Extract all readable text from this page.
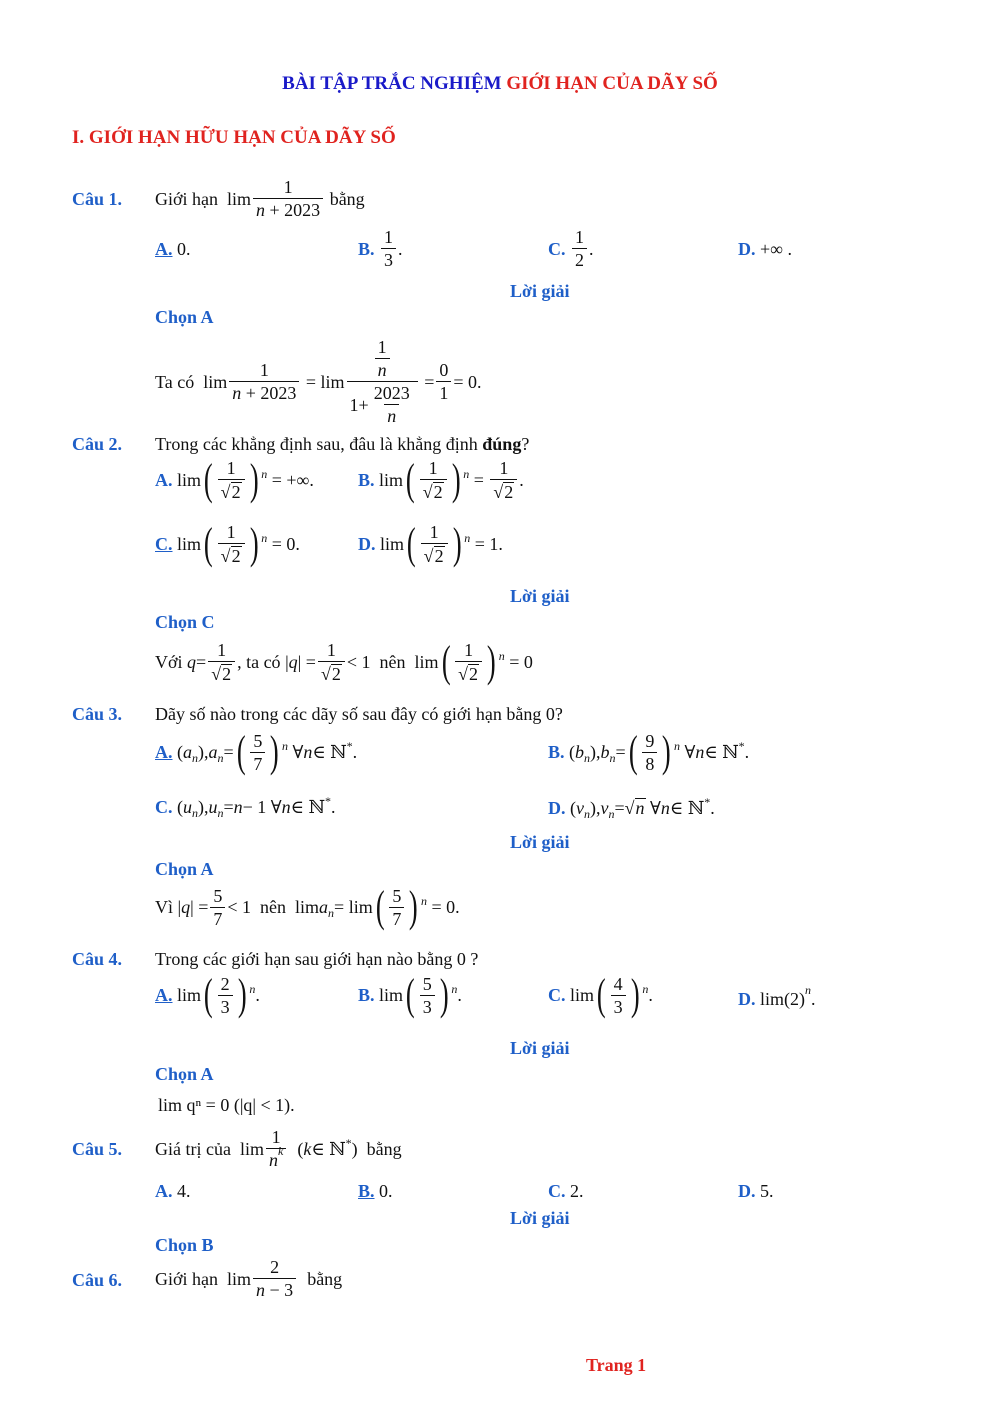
BÀI TẬP TRẮC NGHIỆM GIỚI HẠN CỦA DÃY SỐ
I. GIỚI HẠN HỮU HẠN CỦA DÃY SỐ
Câu 1. Giới hạn
$\lim \frac{1}{n + 2023}$
bằng
A. 0.	B.
$\frac{1}{3}$ .	C.
$\frac{1}{2}$ .	D. +∞ .
Lời giải
Chọn A
Ta có $\lim \frac{1}{n + 2023} = \lim \frac{\frac{1}{n}}{1+ \frac{2023}{n}} = \frac{0}{1} = 0$.
Câu 2. Trong các khẳng định sau, đâu là khẳng định đúng?
A. lim ( $\frac{1}{√2}$ ) n
= +∞ . B. lim ( $\frac{1}{√2}$ ) n
=
$\frac{1}{√2}$ .
C. lim ( $\frac{1}{√2}$ ) n
= 0 .	D. lim ( $\frac{1}{√2}$ ) n
= 1 .
Lời giải
Chọn C
Với
$q = \frac{1}{√2}$ , ta có | q | = $\frac{1}{√2} < 1$ nên lim ( $\frac{1}{√2}$ ) n = 0
Câu 3. Dãy số nào trong các dãy số sau đây có giới hạn bằng 0?
A. ( a n ), a n = ( $\frac{5}{7}$ ) n ∀ n ∈ ℕ * .	B. ( b n ), b n = ( $\frac{9}{8}$ ) n ∀ n ∈ ℕ * .
C. ( u n ), u n = n − 1 ∀ n ∈ ℕ * .	D. ( v n ), v n = √n ∀ n ∈ ℕ * .
Lời giải
Chọn A
Vì | q | = $\frac{5}{7} < 1$ nên lim a n = lim ( $\frac{5}{7}$ ) n = 0.
Câu 4. Trong các giới hạn sau giới hạn nào bằng 0 ?
A. lim ( $\frac{2}{3}$ ) n .	B. lim ( $\frac{5}{3}$ ) n .	C. lim ( $\frac{4}{3}$ ) n .	D. $\lim(2)^n$.
Lời giải
Chọn A
lim qⁿ = 0 (|q| < 1).
Câu 5. Giá trị của $\lim \frac{1}{n^k}$ ( k ∈ ℕ * ) bằng
A. 4.	B. 0.	C. 2.	D. 5.
Lời giải
Chọn B
Câu 6. Giới hạn $\lim \frac{2}{n - 3}$
bằng
Trang 1
